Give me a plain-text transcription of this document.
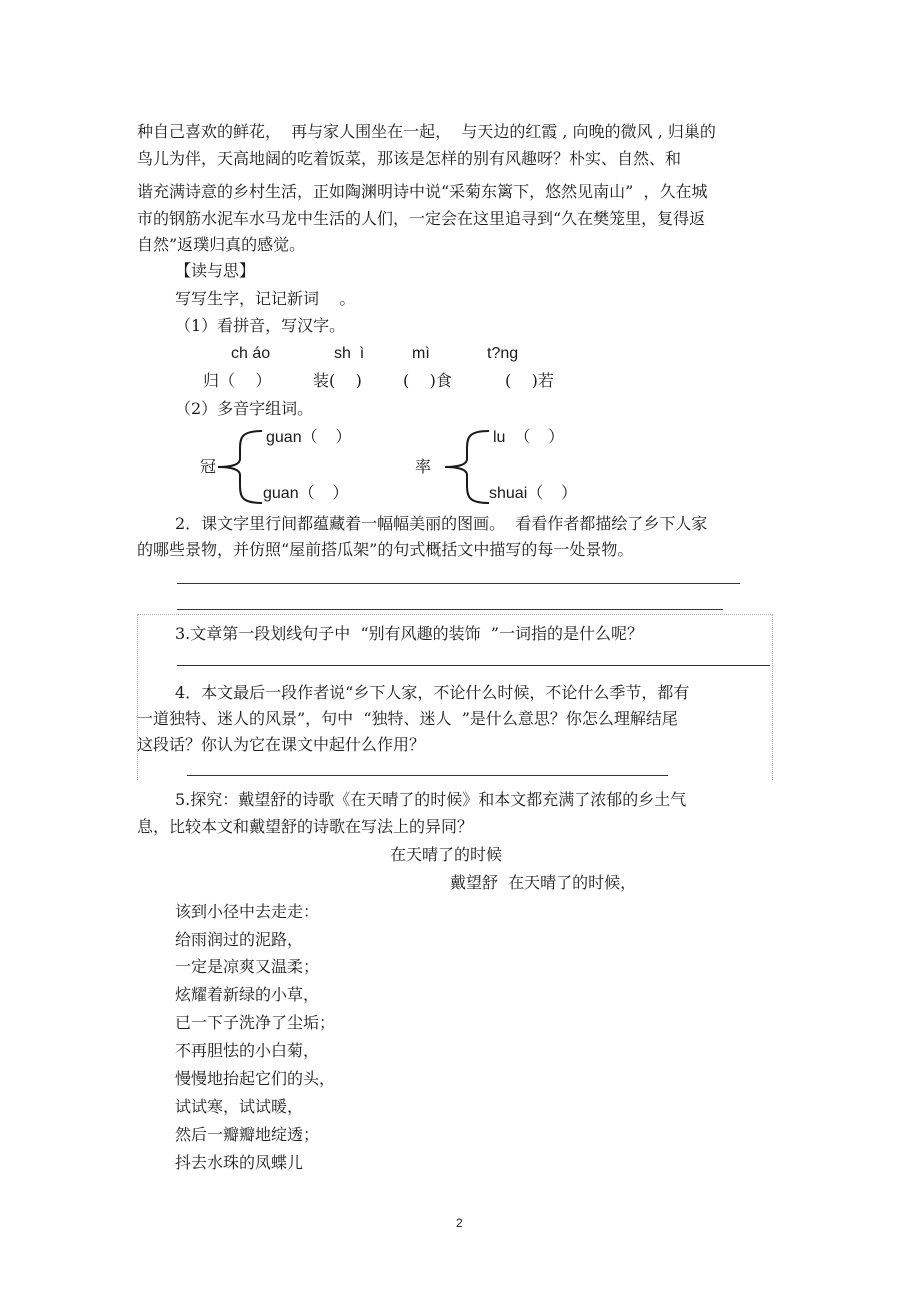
种自己喜欢的鲜花，  再与家人围坐在一起，  与天边的红霞 , 向晚的微风 , 归巢的
鸟儿为伴，天高地阔的吃着饭菜，那该是怎样的别有风趣呀？朴实、自然、和
谐充满诗意的乡村生活，正如陶渊明诗中说“采菊东篱下，悠然见南山”  ，久在城
市的钢筋水泥车水马龙中生活的人们，一定会在这里追寻到“久在樊笼里，复得返
自然”返璞归真的感觉。
【读与思】
写写生字，记记新词    。
（1）看拼音，写汉字。
ch áo	sh  ì	mì	t?ng
归（    ）	装(    )	(    )食	(    )若
（2）多音字组词。
冠
guan（    ）
guan（    ）
率
lu  （    ）
shuai（    ）
2．课文字里行间都蕴藏着一幅幅美丽的图画。  看看作者都描绘了乡下人家
的哪些景物，并仿照“屋前搭瓜架”的句式概括文中描写的每一处景物。
3.文章第一段划线句子中  “别有风趣的装饰  ”一词指的是什么呢？
4．本文最后一段作者说“乡下人家，不论什么时候，不论什么季节，都有
一道独特、迷人的风景”，句中  “独特、迷人  ”是什么意思？你怎么理解结尾
这段话？你认为它在课文中起什么作用？
5.探究：戴望舒的诗歌《在天晴了的时候》和本文都充满了浓郁的乡土气
息，比较本文和戴望舒的诗歌在写法上的异同？
在天晴了的时候
戴望舒  在天晴了的时候，
该到小径中去走走：
给雨润过的泥路，
一定是凉爽又温柔；
炫耀着新绿的小草，
已一下子洗净了尘垢；
不再胆怯的小白菊，
慢慢地抬起它们的头，
试试寒，试试暖，
然后一瓣瓣地绽透；
抖去水珠的凤蝶儿
2
